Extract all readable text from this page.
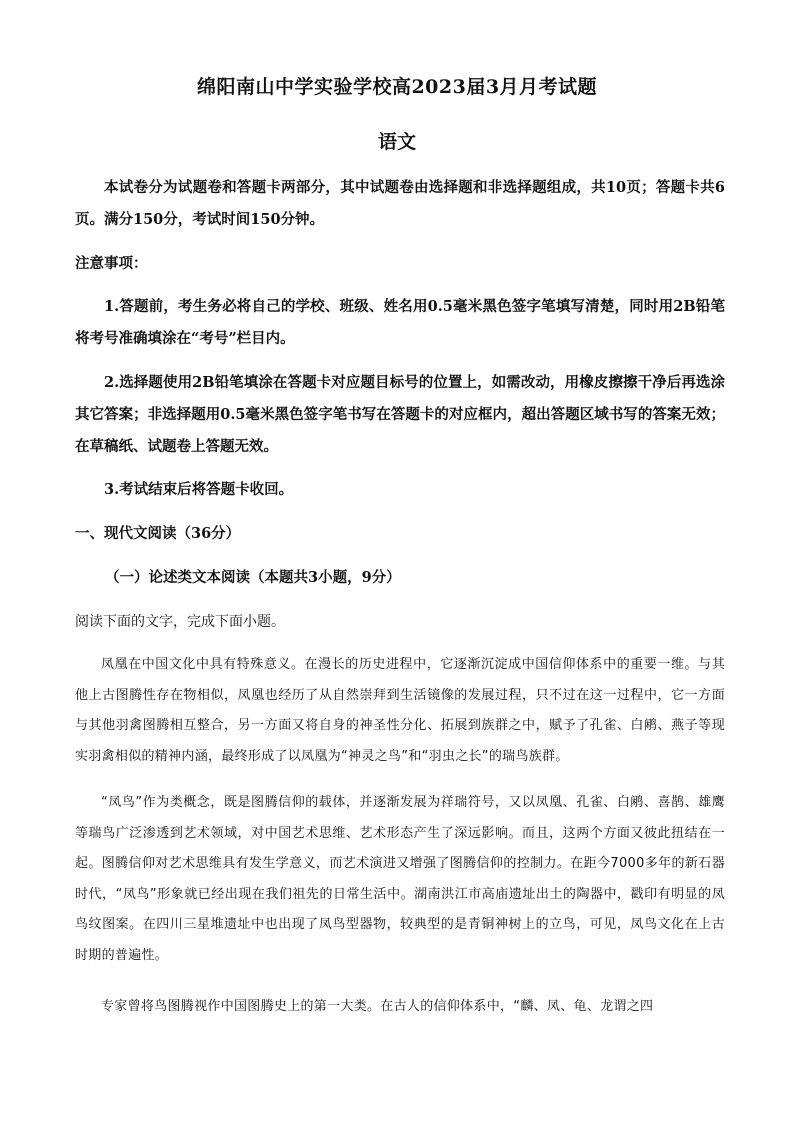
绵阳南山中学实验学校高2023届3月月考试题
语文
本试卷分为试题卷和答题卡两部分，其中试题卷由选择题和非选择题组成，共10页；答题卡共6页。满分150分，考试时间150分钟。
注意事项：
1.答题前，考生务必将自己的学校、班级、姓名用0.5毫米黑色签字笔填写清楚，同时用2B铅笔将考号准确填涂在“考号”栏目内。
2.选择题使用2B铅笔填涂在答题卡对应题目标号的位置上，如需改动，用橡皮擦擦干净后再选涂其它答案；非选择题用0.5毫米黑色签字笔书写在答题卡的对应框内，超出答题区域书写的答案无效；在草稿纸、试题卷上答题无效。
3.考试结束后将答题卡收回。
一、现代文阅读（36分）
（一）论述类文本阅读（本题共3小题，9分）
阅读下面的文字，完成下面小题。
凤凰在中国文化中具有特殊意义。在漫长的历史进程中，它逐渐沉淀成中国信仰体系中的重要一维。与其他上古图腾性存在物相似，凤凰也经历了从自然崇拜到生活镜像的发展过程，只不过在这一过程中，它一方面与其他羽禽图腾相互整合，另一方面又将自身的神圣性分化、拓展到族群之中，赋予了孔雀、白鹇、燕子等现实羽禽相似的精神内涵，最终形成了以凤凰为“神灵之鸟”和“羽虫之长”的瑞鸟族群。
“凤鸟”作为类概念，既是图腾信仰的载体，并逐渐发展为祥瑞符号，又以凤凰、孔雀、白鹇、喜鹊、雄鹰等瑞鸟广泛渗透到艺术领域，对中国艺术思维、艺术形态产生了深远影响。而且，这两个方面又彼此扭结在一起。图腾信仰对艺术思维具有发生学意义，而艺术演进又增强了图腾信仰的控制力。在距今7000多年的新石器时代，“凤鸟”形象就已经出现在我们祖先的日常生活中。湖南洪江市高庙遗址出土的陶器中，戳印有明显的凤鸟纹图案。在四川三星堆遗址中也出现了凤鸟型器物，较典型的是青铜神树上的立鸟，可见，凤鸟文化在上古时期的普遍性。
专家曾将鸟图腾视作中国图腾史上的第一大类。在古人的信仰体系中，“麟、凤、龟、龙谓之四
